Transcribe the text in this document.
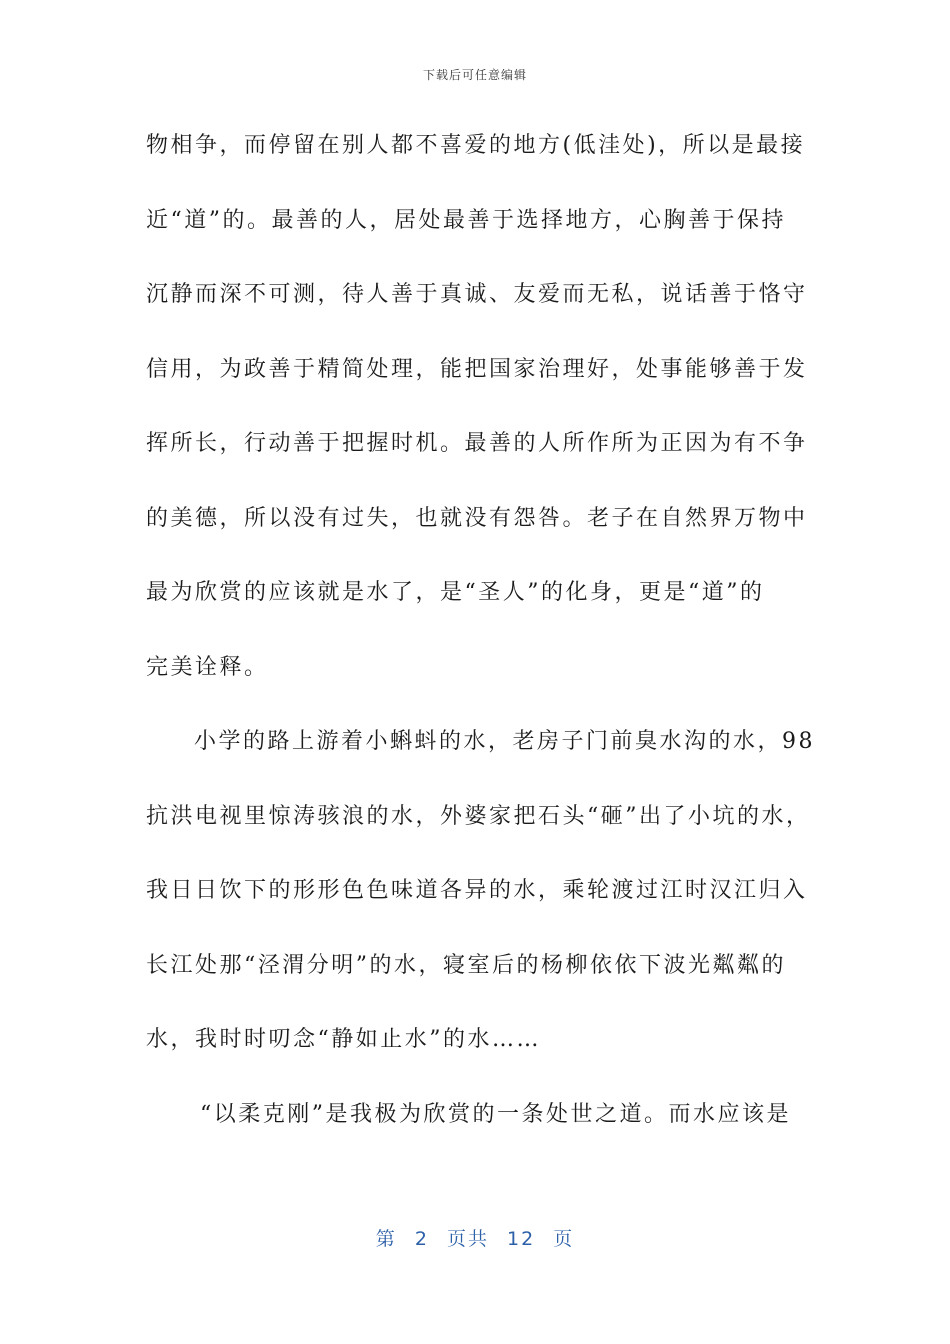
下载后可任意编辑
物相争，而停留在别人都不喜爱的地方(低洼处)，所以是最接
近“道”的。最善的人，居处最善于选择地方，心胸善于保持
沉静而深不可测，待人善于真诚、友爱而无私，说话善于恪守
信用，为政善于精简处理，能把国家治理好，处事能够善于发
挥所长，行动善于把握时机。最善的人所作所为正因为有不争
的美德，所以没有过失，也就没有怨咎。老子在自然界万物中
最为欣赏的应该就是水了，是“圣人”的化身，更是“道”的
完美诠释。
小学的路上游着小蝌蚪的水，老房子门前臭水沟的水，98
抗洪电视里惊涛骇浪的水，外婆家把石头“砸”出了小坑的水，
我日日饮下的形形色色味道各异的水，乘轮渡过江时汉江归入
长江处那“泾渭分明”的水，寝室后的杨柳依依下波光粼粼的
水，我时时叨念“静如止水”的水……
“以柔克刚”是我极为欣赏的一条处世之道。而水应该是
第 2 页共 12 页
